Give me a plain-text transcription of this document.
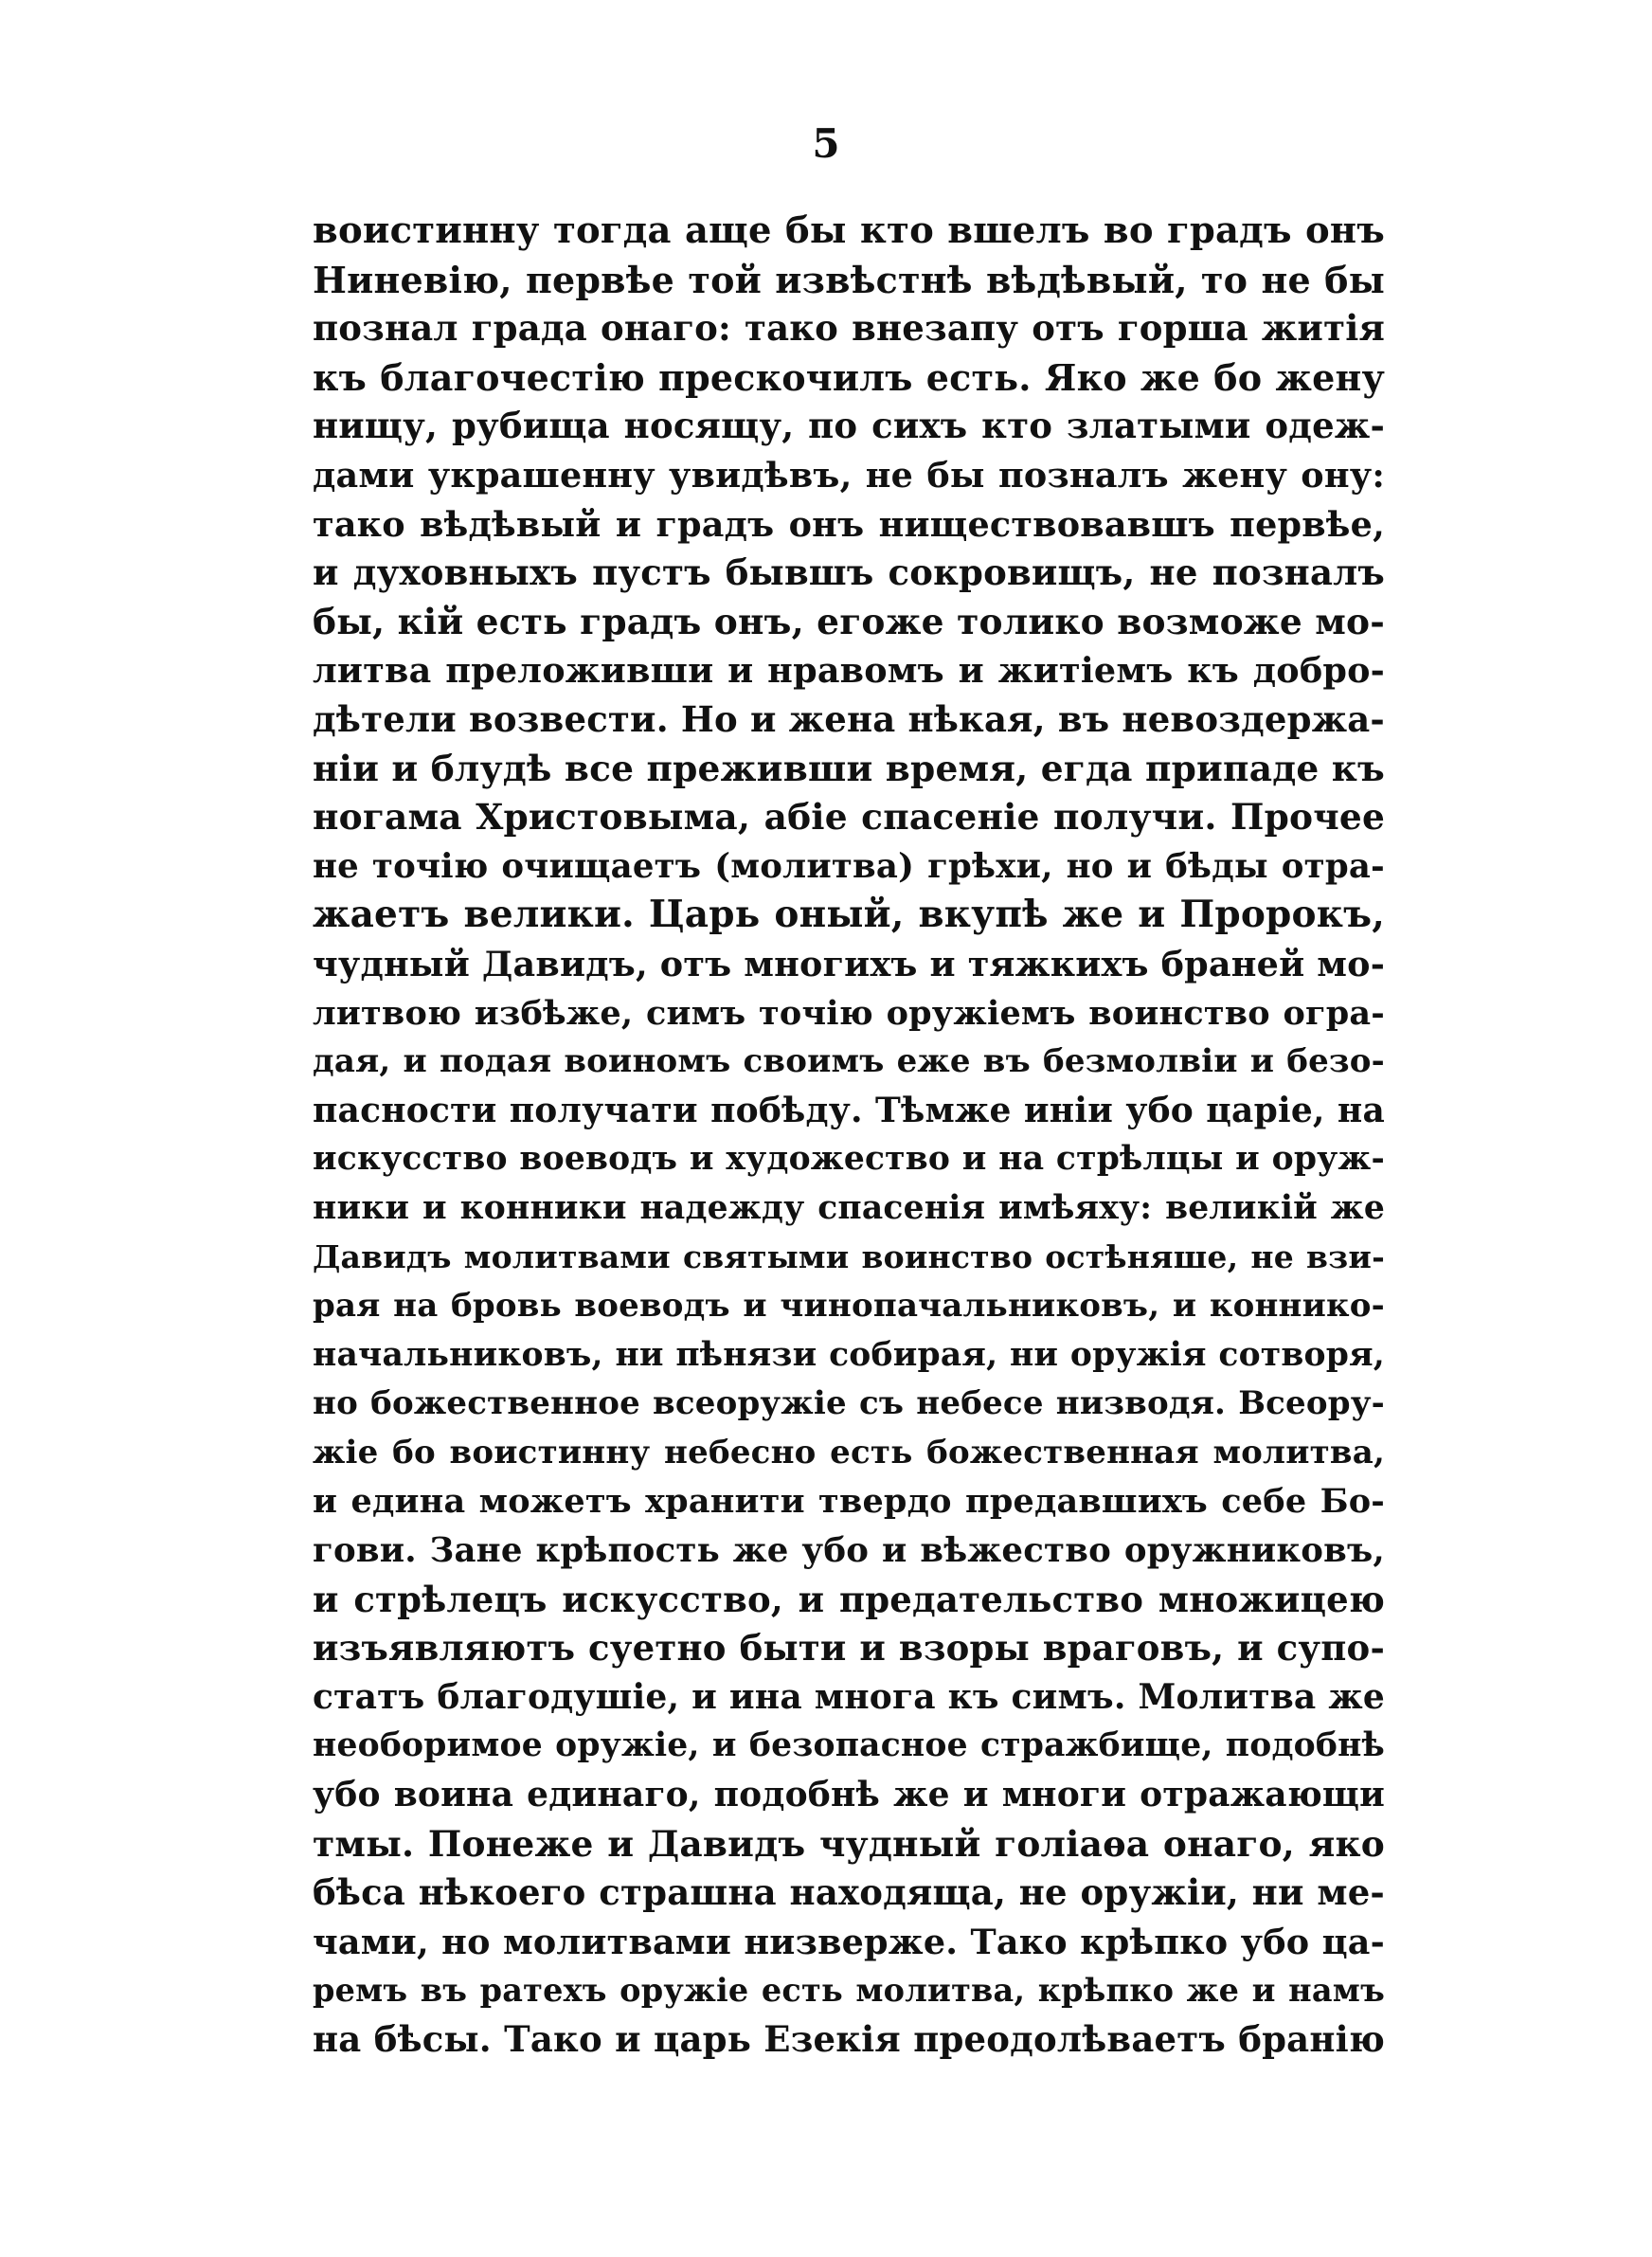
5
воистинну тогда аще бы кто вшелъ во градъ онъ
Ниневію, первѣе той извѣстнѣ вѣдѣвый, то не бы
познал градa онаго: тако внезапу отъ горша житія
къ благочестію прескочилъ есть. Яко же бо жену
нищу, рубища носящу, по сихъ кто златыми одеж-
дами украшенну увидѣвъ, не бы позналъ жену ону:
тако вѣдѣвый и градъ онъ ниществовавшъ первѣе,
и духовныхъ пустъ бывшъ сокровищъ, не позналъ
бы, кій есть градъ онъ, егоже толико возможе мо-
литва преложивши и нравомъ и житіемъ къ добро-
дѣтели возвести. Но и жена нѣкая, въ невоздержа-
ніи и блудѣ все преживши время, егда припаде къ
ногама Христовыма, абіе спасеніе получи. Прочее
не точію очищаетъ (молитва) грѣхи, но и бѣды отра-
жаетъ велики. Царь оный, вкупѣ же и Пророкъ,
чудный Давидъ, отъ многихъ и тяжкихъ браней мо-
литвою избѣже, симъ точію оружіемъ воинство огра-
дая, и подая воиномъ своимъ еже въ безмолвіи и безо-
пасности получати побѣду. Тѣмже иніи убо царіе, на
искусство воеводъ и художество и на стрѣлцы и оруж-
ники и конники надежду спасенія имѣяху: великій же
Давидъ молитвами святыми воинство остѣняше, не взи-
рая на бровь воеводъ и чинопачальниковъ, и коннико-
начальниковъ, ни пѣнязи собирая, ни оружія сотворя,
но божественное всеоружіе съ небесе низводя. Всеору-
жіе бо воистинну небесно есть божественная молитва,
и едина можетъ хранити твердо предавшихъ себе Бо-
гови. Зане крѣпость же убо и вѣжество оружниковъ,
и стрѣлецъ искусство, и предательство множицею
изъявляютъ суетно быти и взоры враговъ, и супо-
статъ благодушіе, и ина многа къ симъ. Молитва же
необоримое оружіе, и безопасное стражбище, подобнѣ
убо воина единаго, подобнѣ же и многи отражающи
тмы. Понеже и Давидъ чудный голіаѳа онаго, яко
бѣса нѣкоего страшна находяща, не оружіи, ни ме-
чами, но молитвами низверже. Тако крѣпко убо ца-
ремъ въ ратехъ оружіе есть молитва, крѣпко же и намъ
на бѣсы. Тако и царь Езекія преодолѣваетъ бранію
